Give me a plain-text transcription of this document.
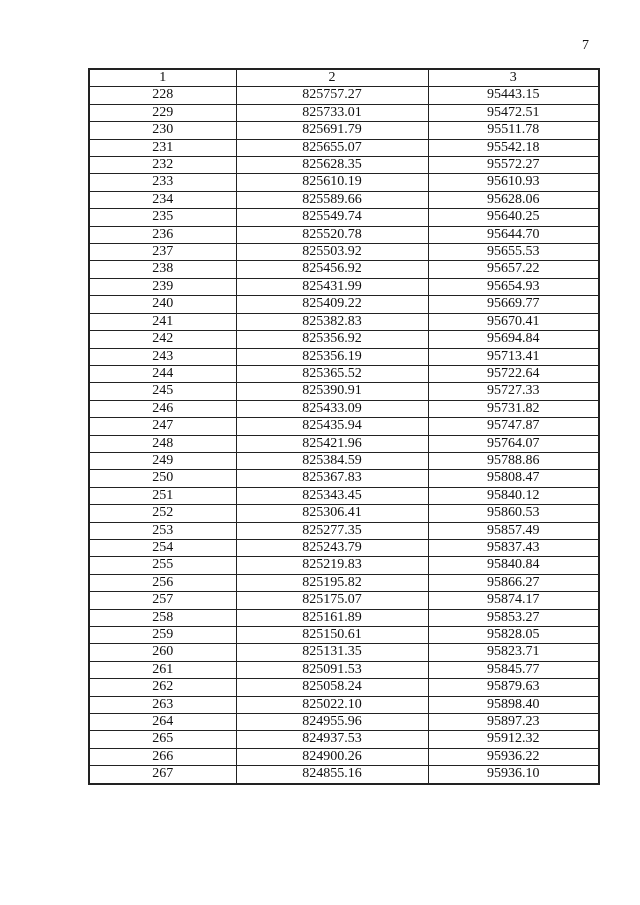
7
1	2	3
228	825757.27	95443.15
229	825733.01	95472.51
230	825691.79	95511.78
231	825655.07	95542.18
232	825628.35	95572.27
233	825610.19	95610.93
234	825589.66	95628.06
235	825549.74	95640.25
236	825520.78	95644.70
237	825503.92	95655.53
238	825456.92	95657.22
239	825431.99	95654.93
240	825409.22	95669.77
241	825382.83	95670.41
242	825356.92	95694.84
243	825356.19	95713.41
244	825365.52	95722.64
245	825390.91	95727.33
246	825433.09	95731.82
247	825435.94	95747.87
248	825421.96	95764.07
249	825384.59	95788.86
250	825367.83	95808.47
251	825343.45	95840.12
252	825306.41	95860.53
253	825277.35	95857.49
254	825243.79	95837.43
255	825219.83	95840.84
256	825195.82	95866.27
257	825175.07	95874.17
258	825161.89	95853.27
259	825150.61	95828.05
260	825131.35	95823.71
261	825091.53	95845.77
262	825058.24	95879.63
263	825022.10	95898.40
264	824955.96	95897.23
265	824937.53	95912.32
266	824900.26	95936.22
267	824855.16	95936.10
